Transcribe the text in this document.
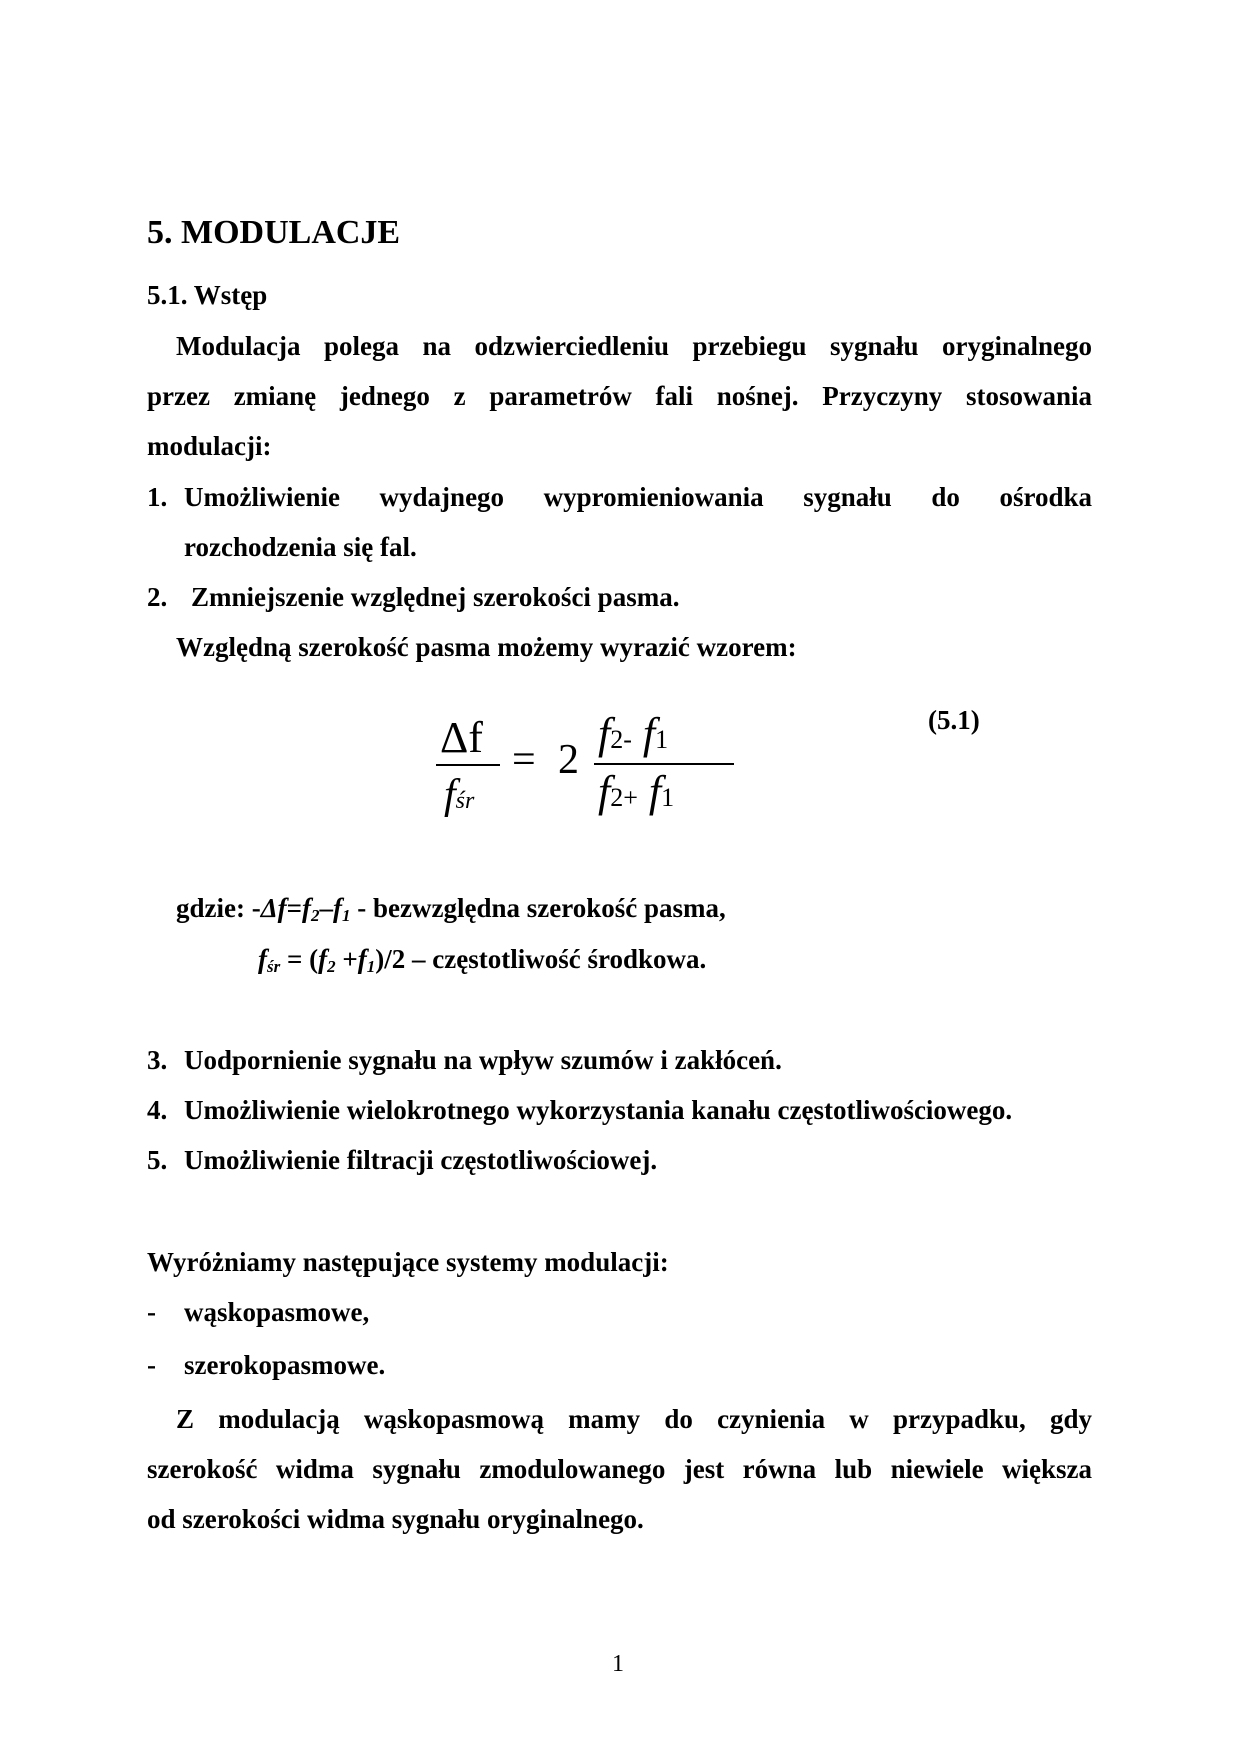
5. MODULACJE
5.1. Wstęp
Modulacja polega na odzwierciedleniu przebiegu sygnału oryginalnego
przez zmianę jednego z parametrów fali nośnej. Przyczyny stosowania
modulacji:
1. Umożliwienie wydajnego wypromieniowania sygnału do ośrodka
rozchodzenia się fal.
2. Zmniejszenie względnej szerokości pasma.
Względną szerokość pasma możemy wyrazić wzorem:
Δf
fśr
= 2
f2- f1
f2+ f1
(5.1)
gdzie: $-\Delta f=f_2-f_1$ - bezwzględna szerokość pasma,
$f_{śr} = (f_2 +f_1)/2$ – częstotliwość środkowa.
3. Uodpornienie sygnału na wpływ szumów i zakłóceń.
4. Umożliwienie wielokrotnego wykorzystania kanału częstotliwościowego.
5. Umożliwienie filtracji częstotliwościowej.
Wyróżniamy następujące systemy modulacji:
- wąskopasmowe,
- szerokopasmowe.
Z modulacją wąskopasmową mamy do czynienia w przypadku, gdy
szerokość widma sygnału zmodulowanego jest równa lub niewiele większa
od szerokości widma sygnału oryginalnego.
1
